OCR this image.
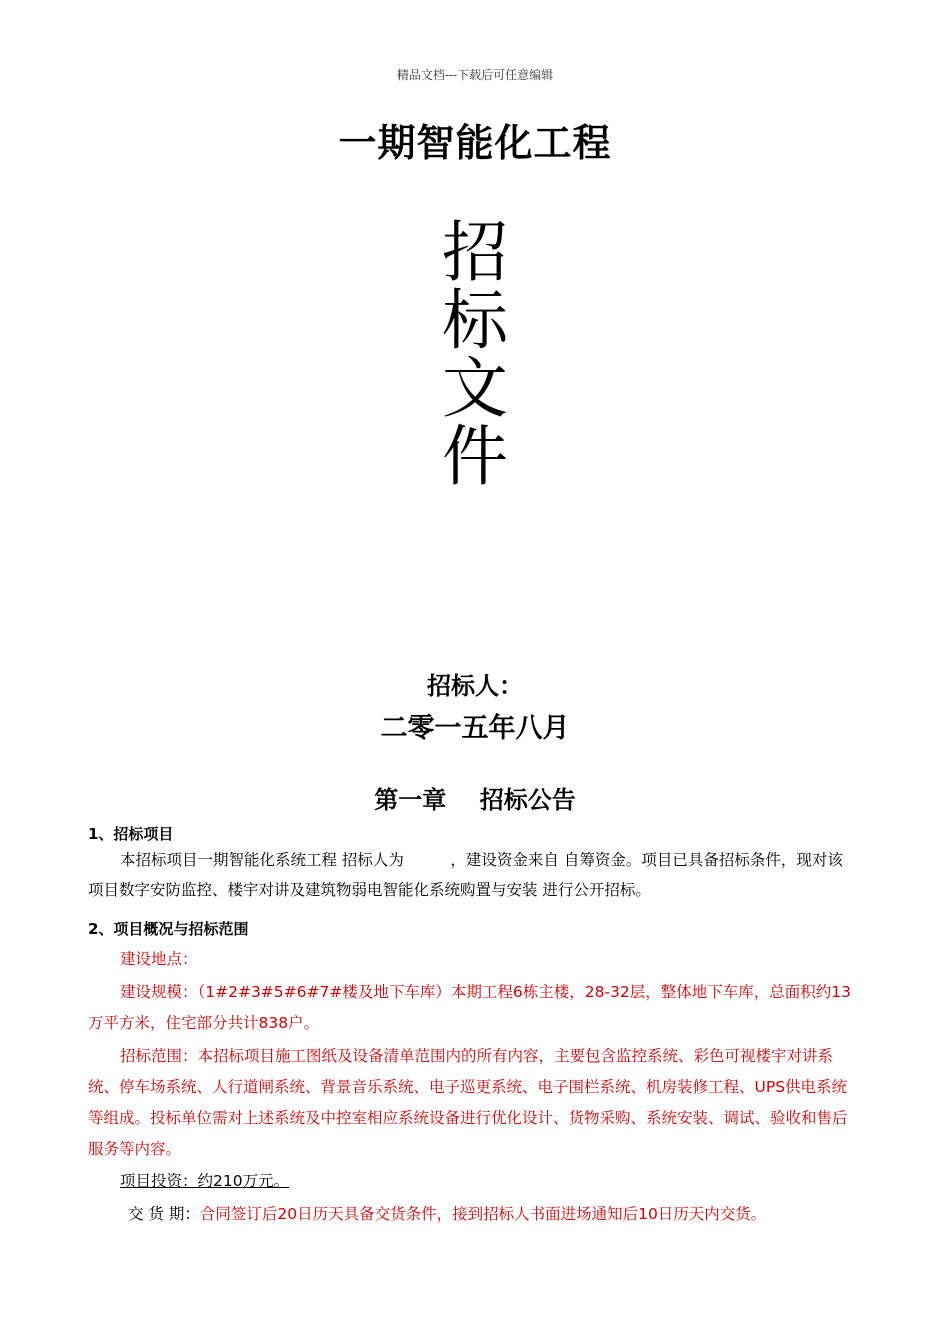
精品文档---下载后可任意编辑
一期智能化工程
招
标
文
件
招标人：
二零一五年八月
第一章 招标公告
1、招标项目
本招标项目一期智能化系统工程 招标人为　　　，建设资金来自 自筹资金。项目已具备招标条件，现对该项目数字安防监控、楼宇对讲及建筑物弱电智能化系统购置与安装 进行公开招标。
2、项目概况与招标范围
建设地点：
建设规模：（1#2#3#5#6#7#楼及地下车库）本期工程6栋主楼，28-32层，整体地下车库，总面积约13万平方米，住宅部分共计838户。
招标范围：本招标项目施工图纸及设备清单范围内的所有内容，主要包含监控系统、彩色可视楼宇对讲系统、停车场系统、人行道闸系统、背景音乐系统、电子巡更系统、电子围栏系统、机房装修工程、UPS供电系统等组成。投标单位需对上述系统及中控室相应系统设备进行优化设计、货物采购、系统安装、调试、验收和售后服务等内容。
项目投资：约210万元。
交 货 期：合同签订后20日历天具备交货条件，接到招标人书面进场通知后10日历天内交货。
